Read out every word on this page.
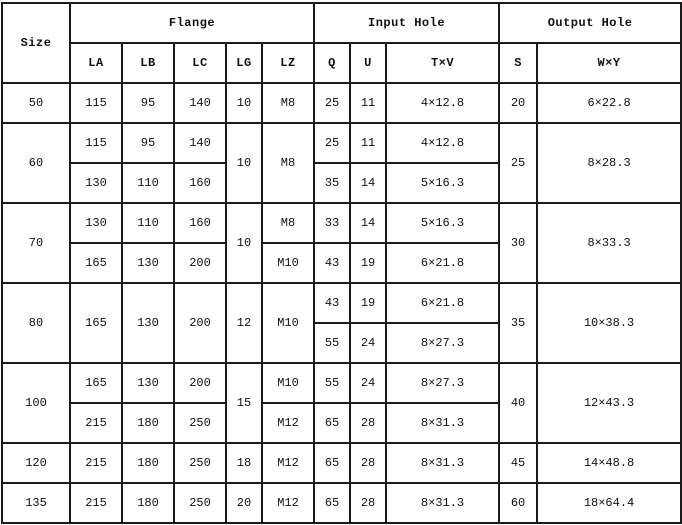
Size	Flange					Input Hole			Output Hole	
	LA	LB	LC	LG	LZ	Q	U	T×V	S	W×Y
50	115	95	140	10	M8	25	11	4×12.8	20	6×22.8
60	115	95	140	10	M8	25	11	4×12.8	25	8×28.3
	130	110	160			35	14	5×16.3		
70	130	110	160	10	M8	33	14	5×16.3	30	8×33.3
	165	130	200		M10	43	19	6×21.8		
80	165	130	200	12	M10	43	19	6×21.8	35	10×38.3
						55	24	8×27.3		
100	165	130	200	15	M10	55	24	8×27.3	40	12×43.3
	215	180	250		M12	65	28	8×31.3		
120	215	180	250	18	M12	65	28	8×31.3	45	14×48.8
135	215	180	250	20	M12	65	28	8×31.3	60	18×64.4
